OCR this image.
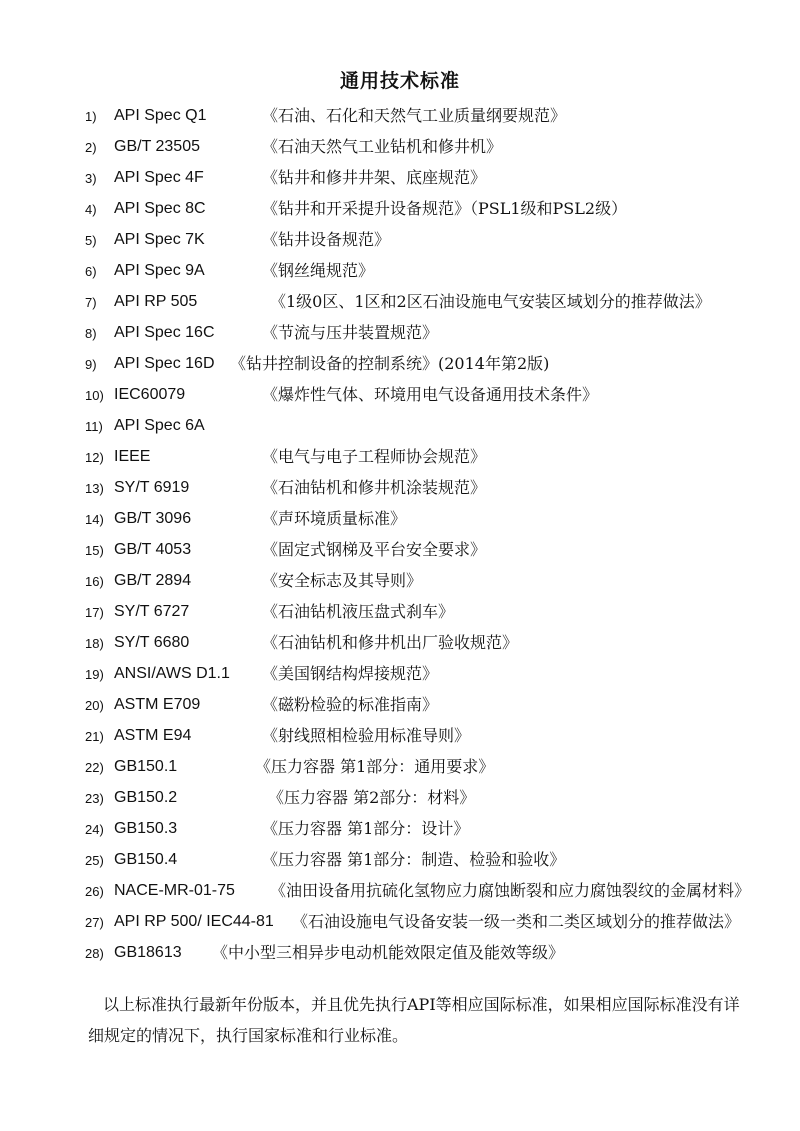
通用技术标准
1) API Spec Q1	《石油、石化和天然气工业质量纲要规范》
2) GB/T 23505	《石油天然气工业钻机和修井机》
3) API Spec 4F	《钻井和修井井架、底座规范》
4) API Spec 8C	《钻井和开采提升设备规范》（PSL1级和PSL2级）
5) API Spec 7K	《钻井设备规范》
6) API Spec 9A	《钢丝绳规范》
7) API RP 505	《1级0区、1区和2区石油设施电气安装区域划分的推荐做法》
8) API Spec 16C	《节流与压井装置规范》
9) API Spec 16D 《钻井控制设备的控制系统》(2014年第2版)
10) IEC60079	《爆炸性气体、环境用电气设备通用技术条件》
11) API Spec 6A
12) IEEE	《电气与电子工程师协会规范》
13) SY/T 6919	《石油钻机和修井机涂装规范》
14) GB/T 3096	《声环境质量标准》
15) GB/T 4053	《固定式钢梯及平台安全要求》
16) GB/T 2894	《安全标志及其导则》
17) SY/T 6727	《石油钻机液压盘式刹车》
18) SY/T 6680	《石油钻机和修井机出厂验收规范》
19) ANSI/AWS D1.1 《美国钢结构焊接规范》
20) ASTM E709	《磁粉检验的标准指南》
21) ASTM E94	《射线照相检验用标准导则》
22) GB150.1	《压力容器 第1部分：通用要求》
23) GB150.2	《压力容器 第2部分：材料》
24) GB150.3	《压力容器 第1部分：设计》
25) GB150.4	《压力容器 第1部分：制造、检验和验收》
26) NACE-MR-01-75 《油田设备用抗硫化氢物应力腐蚀断裂和应力腐蚀裂纹的金属材料》
27) API RP 500/ IEC44-81 《石油设施电气设备安装一级一类和二类区域划分的推荐做法》
28) GB18613 《中小型三相异步电动机能效限定值及能效等级》
以上标准执行最新年份版本，并且优先执行API等相应国际标准，如果相应国际标准没有详细规定的情况下，执行国家标准和行业标准。
